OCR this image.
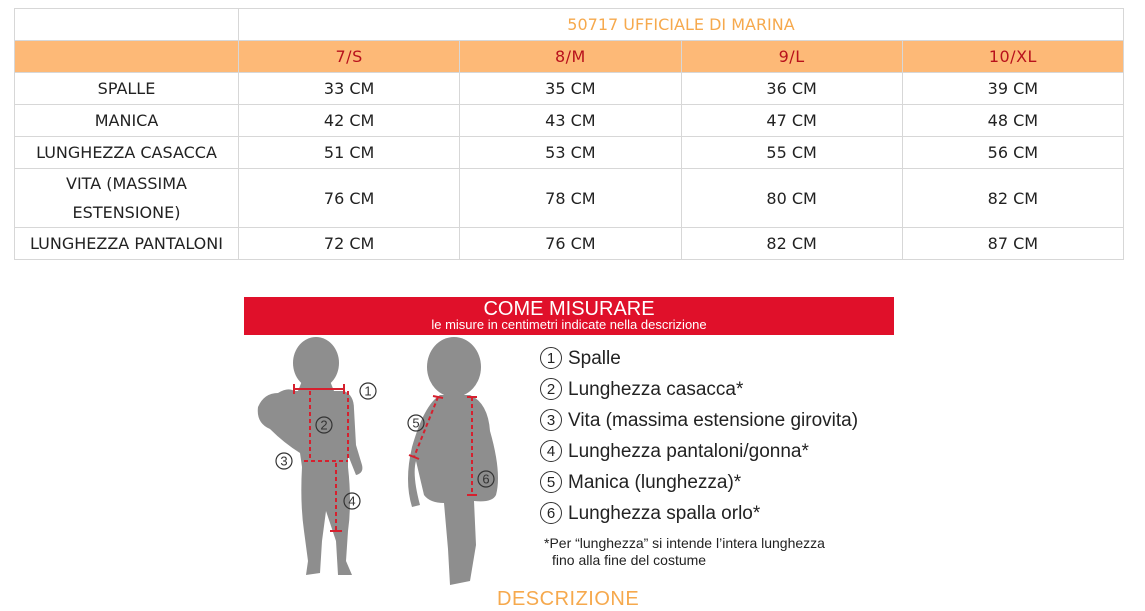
	50717 UFFICIALE DI MARINA			
	7/S	8/M	9/L	10/XL
SPALLE	33 CM	35 CM	36 CM	39 CM
MANICA	42 CM	43 CM	47 CM	48 CM
LUNGHEZZA CASACCA	51 CM	53 CM	55 CM	56 CM
VITA (MASSIMA ESTENSIONE)	76 CM	78 CM	80 CM	82 CM
LUNGHEZZA PANTALONI	72 CM	76 CM	82 CM	87 CM
COME MISURARE
le misure in centimetri indicate nella descrizione
1
2
3
4
5
6
1 Spalle
2 Lunghezza casacca*
3 Vita (massima estensione girovita)
4 Lunghezza pantaloni/gonna*
5 Manica (lunghezza)*
6 Lunghezza spalla orlo*
*Per “lunghezza” si intende l’intera lunghezza
fino alla fine del costume
DESCRIZIONE
